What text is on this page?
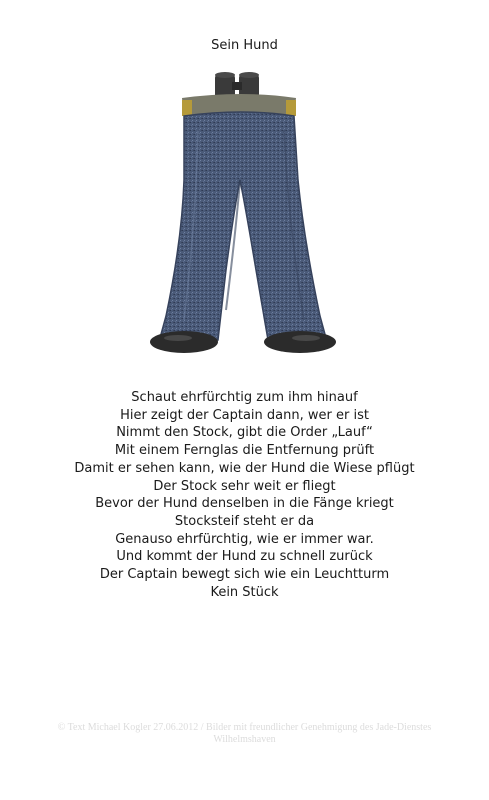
Sein Hund
Schaut ehrfürchtig zum ihm hinauf
Hier zeigt der Captain dann, wer er ist
Nimmt den Stock, gibt die Order „Lauf“
Mit einem Fernglas die Entfernung prüft
Damit er sehen kann, wie der Hund die Wiese pflügt
Der Stock sehr weit er fliegt
Bevor der Hund denselben in die Fänge kriegt
Stocksteif steht er da
Genauso ehrfürchtig, wie er immer war.
Und kommt der Hund zu schnell zurück
Der Captain bewegt sich wie ein Leuchtturm
Kein Stück
© Text Michael Kogler 27.06.2012 / Bilder mit freundlicher Genehmigung des Jade-Dienstes
Wilhelmshaven
